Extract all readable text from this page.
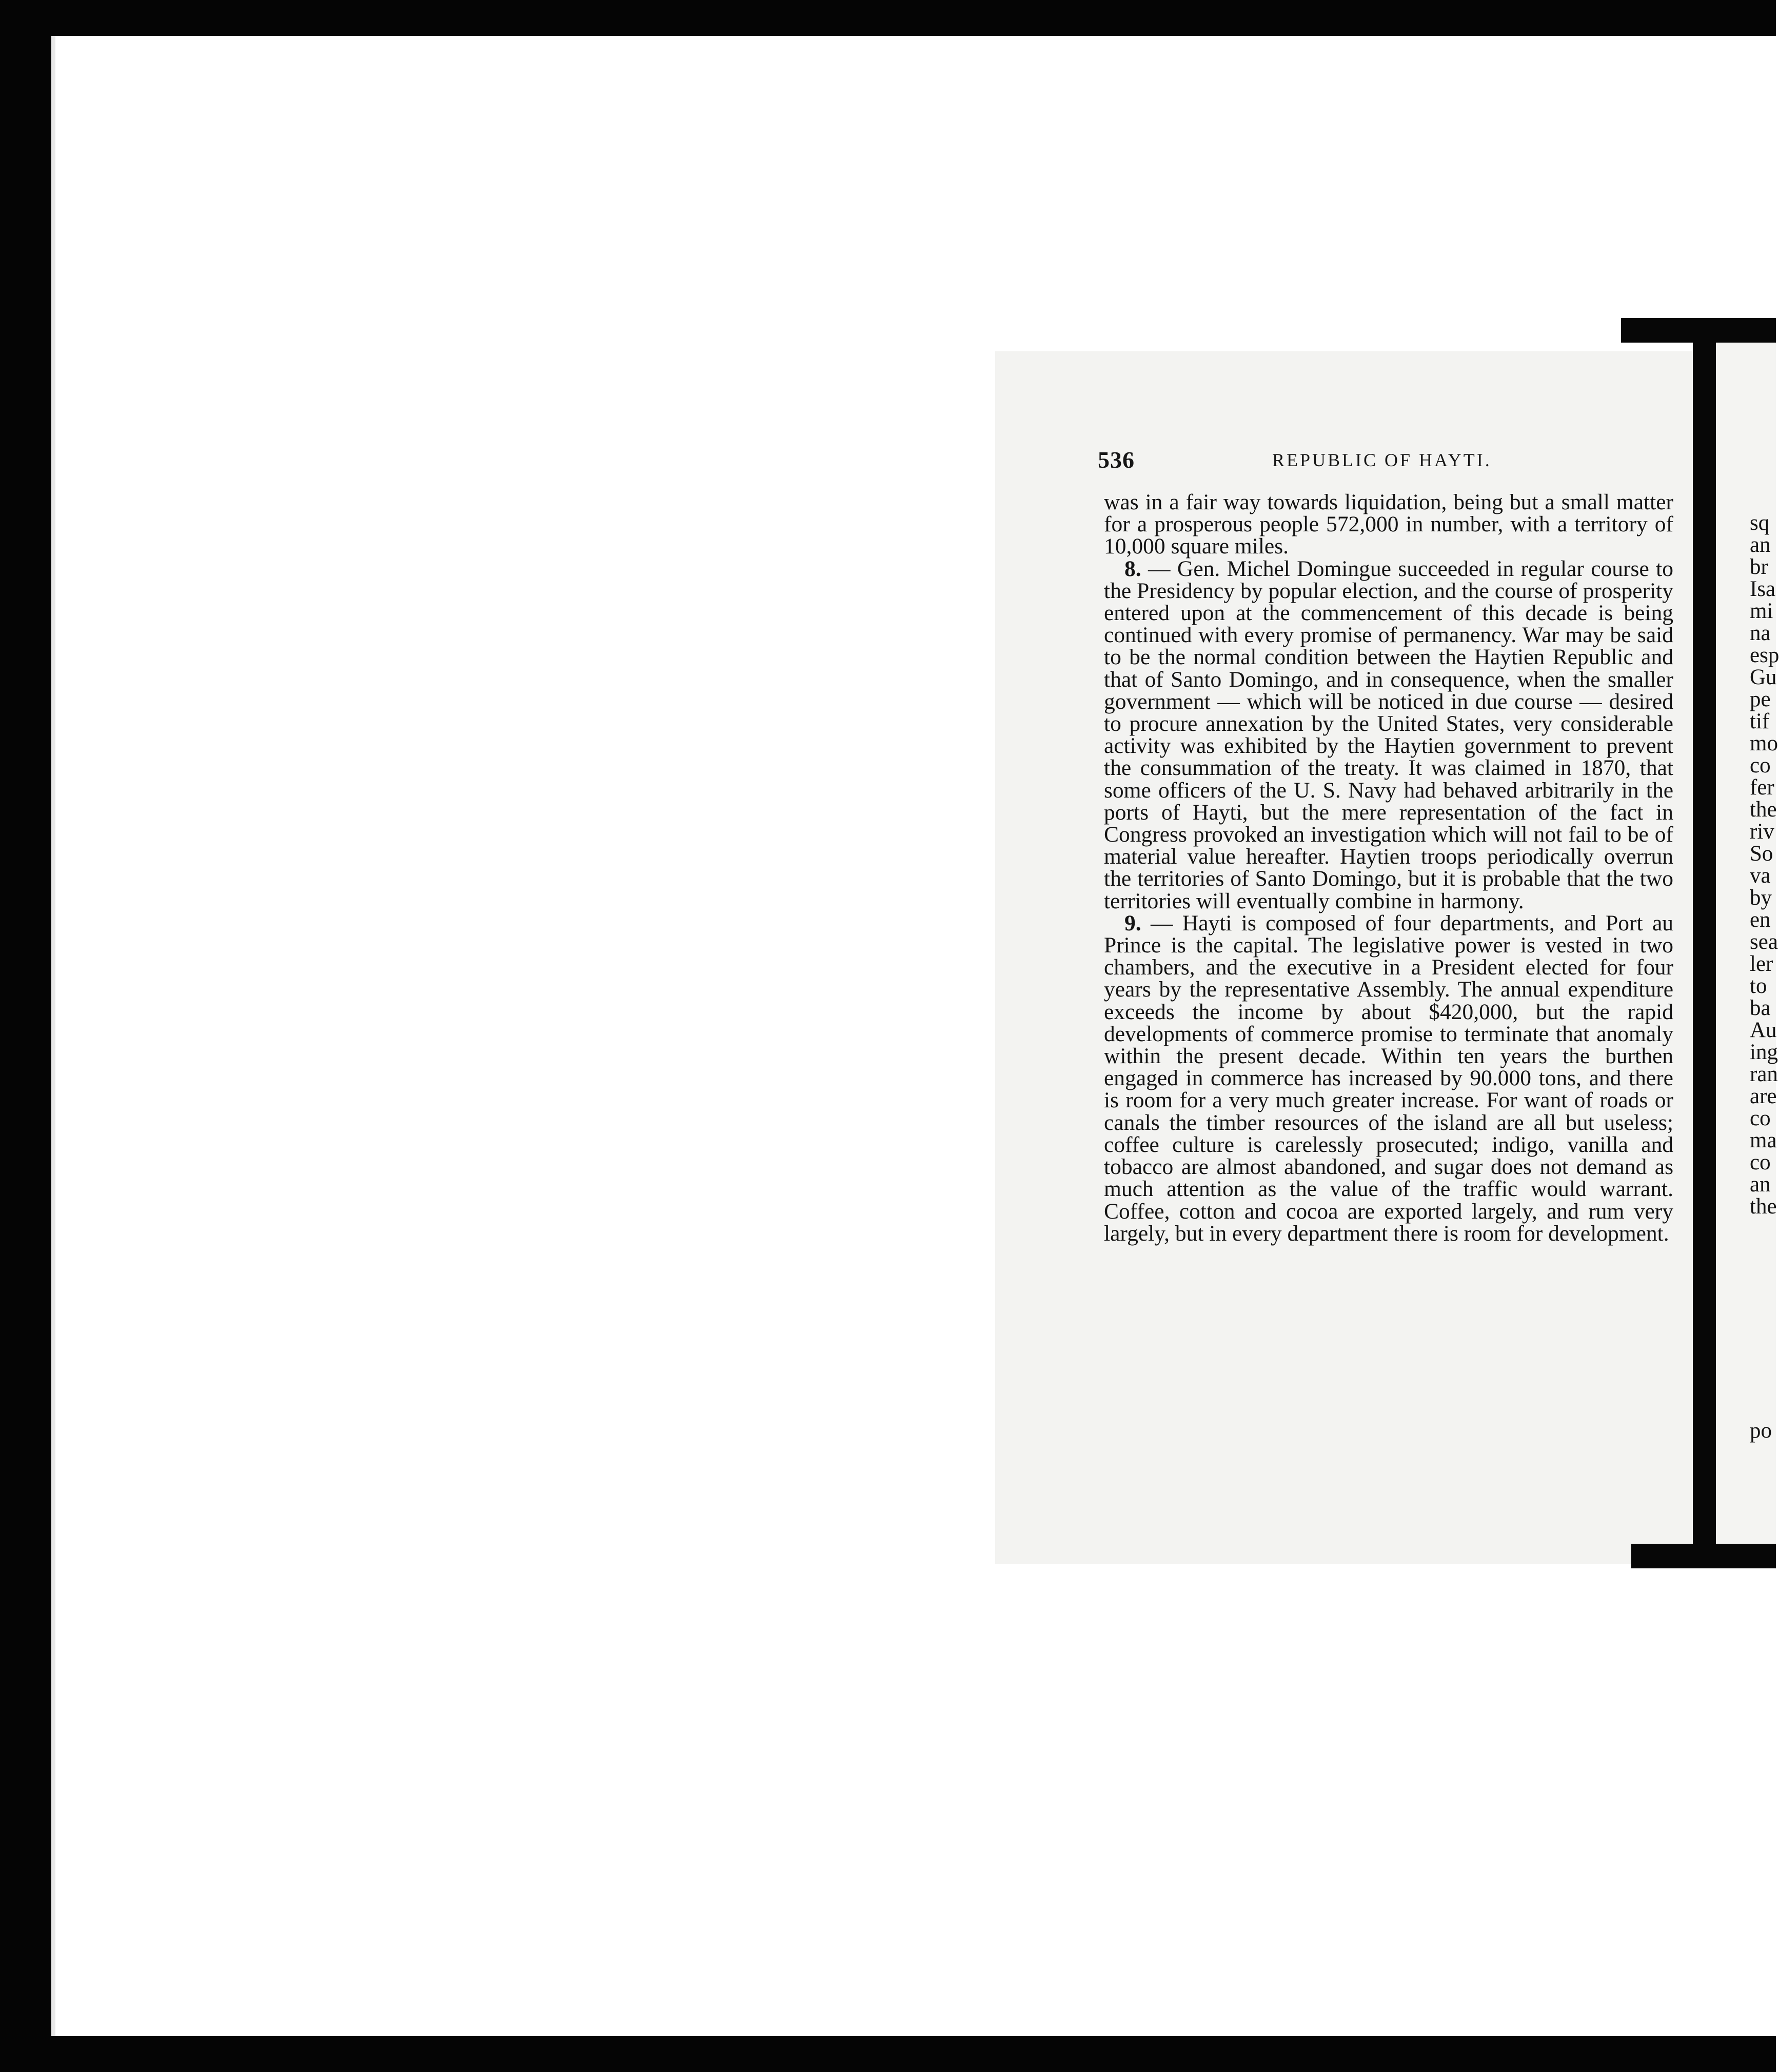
536	REPUBLIC OF HAYTI.

was in a fair way towards liquidation, being but a small matter for a prosperous people 572,000 in number, with a territory of 10,000 square miles.

8. — Gen. Michel Domingue succeeded in regular course to the Presidency by popular election, and the course of prosperity entered upon at the commencement of this decade is being continued with every promise of permanency. War may be said to be the normal condition between the Haytien Republic and that of Santo Domingo, and in consequence, when the smaller government — which will be noticed in due course — desired to procure annexation by the United States, very considerable activity was exhibited by the Haytien government to prevent the consummation of the treaty. It was claimed in 1870, that some officers of the U. S. Navy had behaved arbitrarily in the ports of Hayti, but the mere representation of the fact in Congress provoked an investigation which will not fail to be of material value hereafter. Haytien troops periodically overrun the territories of Santo Domingo, but it is probable that the two territories will eventually combine in harmony.

9. — Hayti is composed of four departments, and Port au Prince is the capital. The legislative power is vested in two chambers, and the executive in a President elected for four years by the representative Assembly. The annual expenditure exceeds the income by about $420,000, but the rapid developments of commerce promise to terminate that anomaly within the present decade. Within ten years the burthen engaged in commerce has increased by 90.000 tons, and there is room for a very much greater increase. For want of roads or canals the timber resources of the island are all but useless; coffee culture is carelessly prosecuted; indigo, vanilla and tobacco are almost abandoned, and sugar does not demand as much attention as the value of the traffic would warrant. Coffee, cotton and cocoa are exported largely, and rum very largely, but in every department there is room for development.

sq
an
br
Isa
mi
na
esp
Gu
pe
tif
mo
co
fer
the
riv
So
va
by
en
sea
ler
to
ba
Au
ing
ran
are
co
ma
co
an
the
po
